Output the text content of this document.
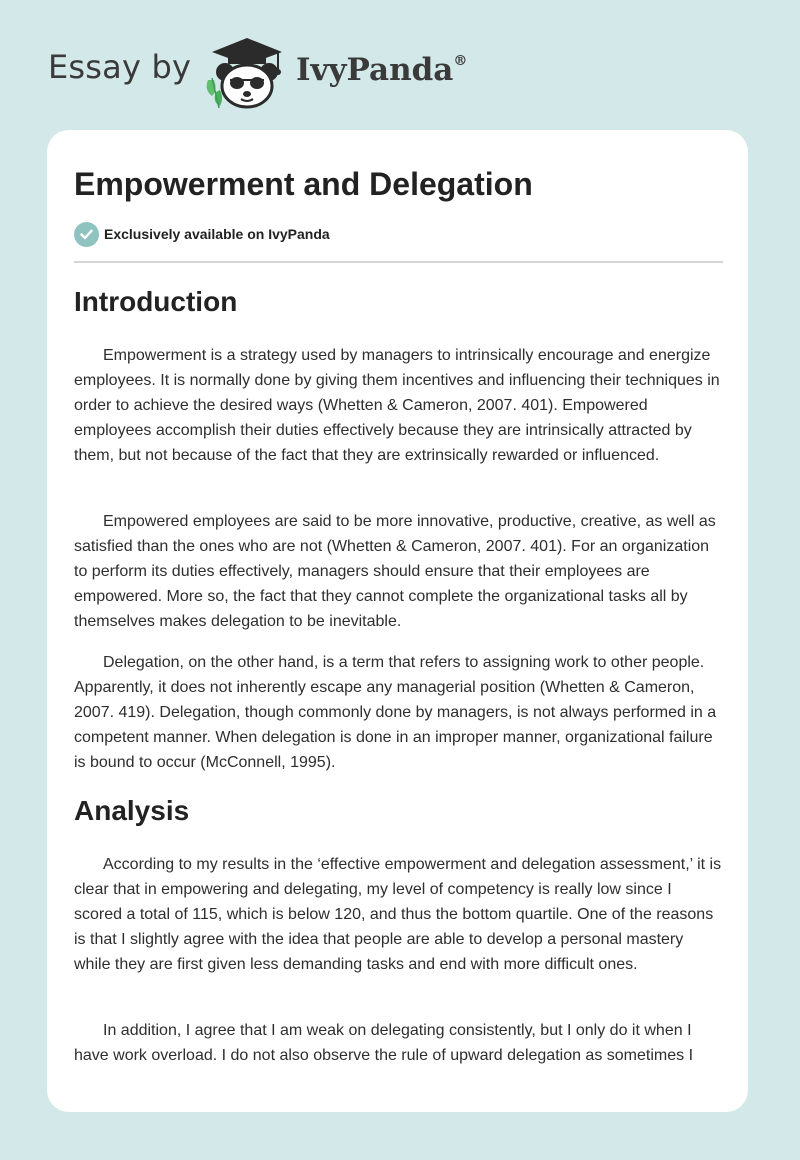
Essay by	IvyPanda®
Empowerment and Delegation
Exclusively available on IvyPanda
Introduction

Empowerment is a strategy used by managers to intrinsically encourage and energize employees. It is normally done by giving them incentives and influencing their techniques in order to achieve the desired ways (Whetten & Cameron, 2007. 401). Empowered employees accomplish their duties effectively because they are intrinsically attracted by them, but not because of the fact that they are extrinsically rewarded or influenced.

Empowered employees are said to be more innovative, productive, creative, as well as satisfied than the ones who are not (Whetten & Cameron, 2007. 401). For an organization to perform its duties effectively, managers should ensure that their employees are empowered. More so, the fact that they cannot complete the organizational tasks all by themselves makes delegation to be inevitable.

Delegation, on the other hand, is a term that refers to assigning work to other people. Apparently, it does not inherently escape any managerial position (Whetten & Cameron, 2007. 419). Delegation, though commonly done by managers, is not always performed in a competent manner. When delegation is done in an improper manner, organizational failure is bound to occur (McConnell, 1995).

Analysis

According to my results in the ‘effective empowerment and delegation assessment,’ it is clear that in empowering and delegating, my level of competency is really low since I scored a total of 115, which is below 120, and thus the bottom quartile. One of the reasons is that I slightly agree with the idea that people are able to develop a personal mastery while they are first given less demanding tasks and end with more difficult ones.

In addition, I agree that I am weak on delegating consistently, but I only do it when I have work overload. I do not also observe the rule of upward delegation as sometimes I
